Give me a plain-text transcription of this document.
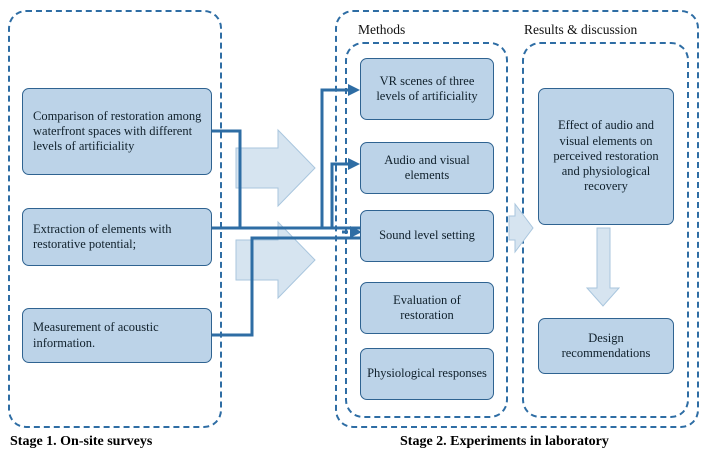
Methods	Results & discussion
Comparison of restoration among waterfront spaces with different levels of artificiality
Extraction of elements with restorative potential;
Measurement of acoustic information.
VR scenes of three levels of artificiality
Audio and visual elements
Sound level setting
Evaluation of restoration
Physiological responses
Effect of audio and visual elements on perceived restoration and physiological recovery
Design recommendations
Stage 1. On-site surveys	Stage 2. Experiments in laboratory
